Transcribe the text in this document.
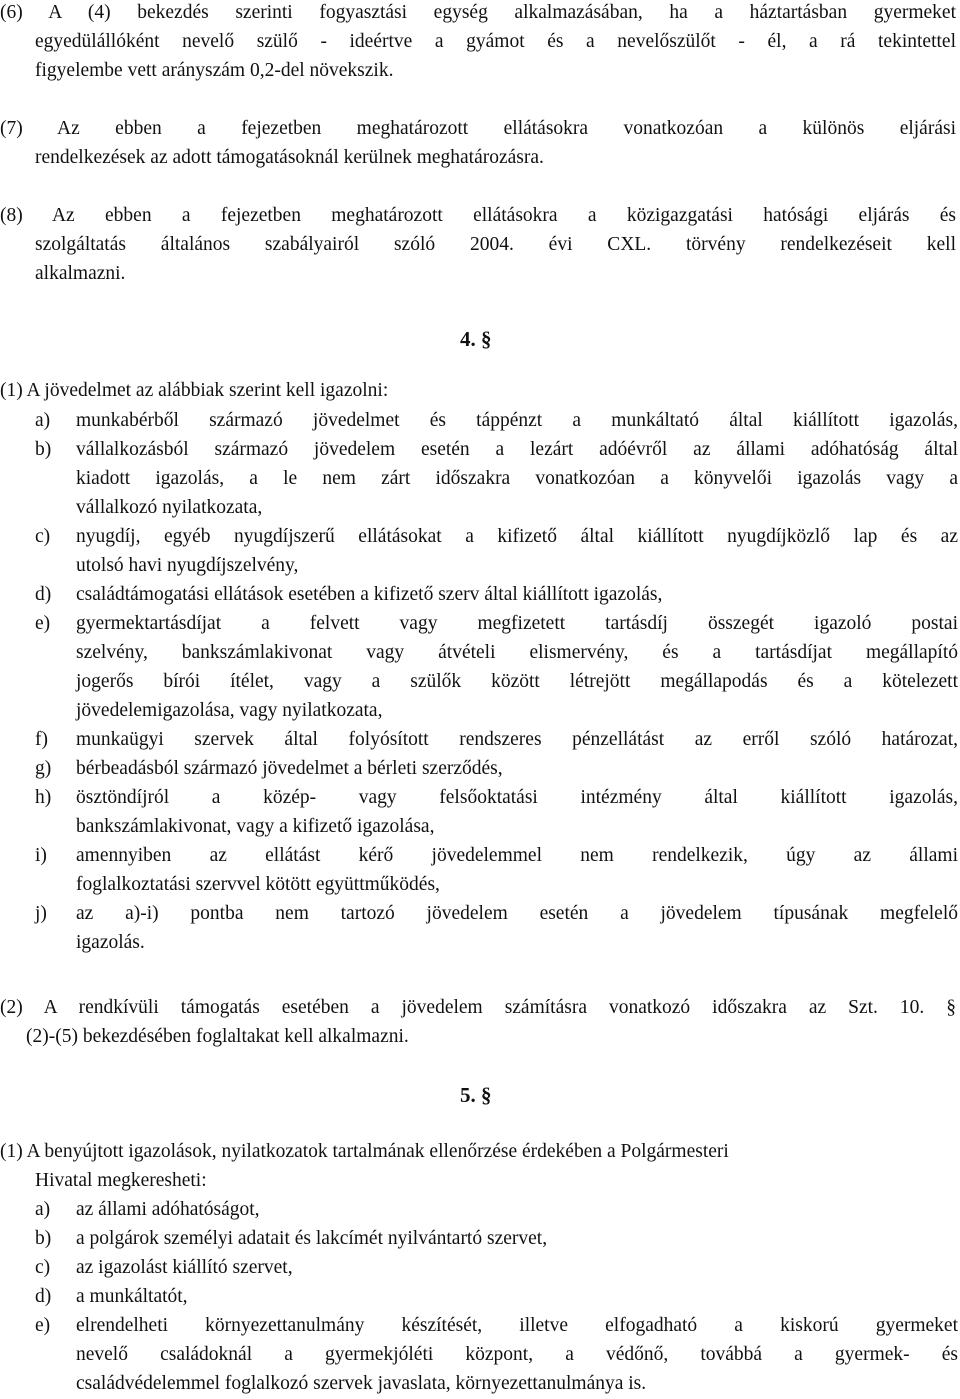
(6) A (4) bekezdés szerinti fogyasztási egység alkalmazásában, ha a háztartásban gyermeket
egyedülállóként nevelő szülő - ideértve a gyámot és a nevelőszülőt - él, a rá tekintettel
figyelembe vett arányszám 0,2-del növekszik.
(7) Az ebben a fejezetben meghatározott ellátásokra vonatkozóan a különös eljárási
rendelkezések az adott támogatásoknál kerülnek meghatározásra.
(8) Az ebben a fejezetben meghatározott ellátásokra a közigazgatási hatósági eljárás és
szolgáltatás általános szabályairól szóló 2004. évi CXL. törvény rendelkezéseit kell
alkalmazni.
4. §
(1) A jövedelmet az alábbiak szerint kell igazolni:
a) munkabérből származó jövedelmet és táppénzt a munkáltató által kiállított igazolás,
b) vállalkozásból származó jövedelem esetén a lezárt adóévről az állami adóhatóság által
kiadott igazolás, a le nem zárt időszakra vonatkozóan a könyvelői igazolás vagy a
vállalkozó nyilatkozata,
c) nyugdíj, egyéb nyugdíjszerű ellátásokat a kifizető által kiállított nyugdíjközlő lap és az
utolsó havi nyugdíjszelvény,
d) családtámogatási ellátások esetében a kifizető szerv által kiállított igazolás,
e) gyermektartásdíjat a felvett vagy megfizetett tartásdíj összegét igazoló postai
szelvény, bankszámlakivonat vagy átvételi elismervény, és a tartásdíjat megállapító
jogerős bírói ítélet, vagy a szülők között létrejött megállapodás és a kötelezett
jövedelemigazolása, vagy nyilatkozata,
f) munkaügyi szervek által folyósított rendszeres pénzellátást az erről szóló határozat,
g) bérbeadásból származó jövedelmet a bérleti szerződés,
h) ösztöndíjról a közép- vagy felsőoktatási intézmény által kiállított igazolás,
bankszámlakivonat, vagy a kifizető igazolása,
i) amennyiben az ellátást kérő jövedelemmel nem rendelkezik, úgy az állami
foglalkoztatási szervvel kötött együttműködés,
j) az a)-i) pontba nem tartozó jövedelem esetén a jövedelem típusának megfelelő
igazolás.
(2) A rendkívüli támogatás esetében a jövedelem számításra vonatkozó időszakra az Szt. 10. §
(2)-(5) bekezdésében foglaltakat kell alkalmazni.
5. §
(1) A benyújtott igazolások, nyilatkozatok tartalmának ellenőrzése érdekében a Polgármesteri
Hivatal megkeresheti:
a) az állami adóhatóságot,
b) a polgárok személyi adatait és lakcímét nyilvántartó szervet,
c) az igazolást kiállító szervet,
d) a munkáltatót,
e) elrendelheti környezettanulmány készítését, illetve elfogadható a kiskorú gyermeket
nevelő családoknál a gyermekjóléti központ, a védőnő, továbbá a gyermek- és
családvédelemmel foglalkozó szervek javaslata, környezettanulmánya is.
